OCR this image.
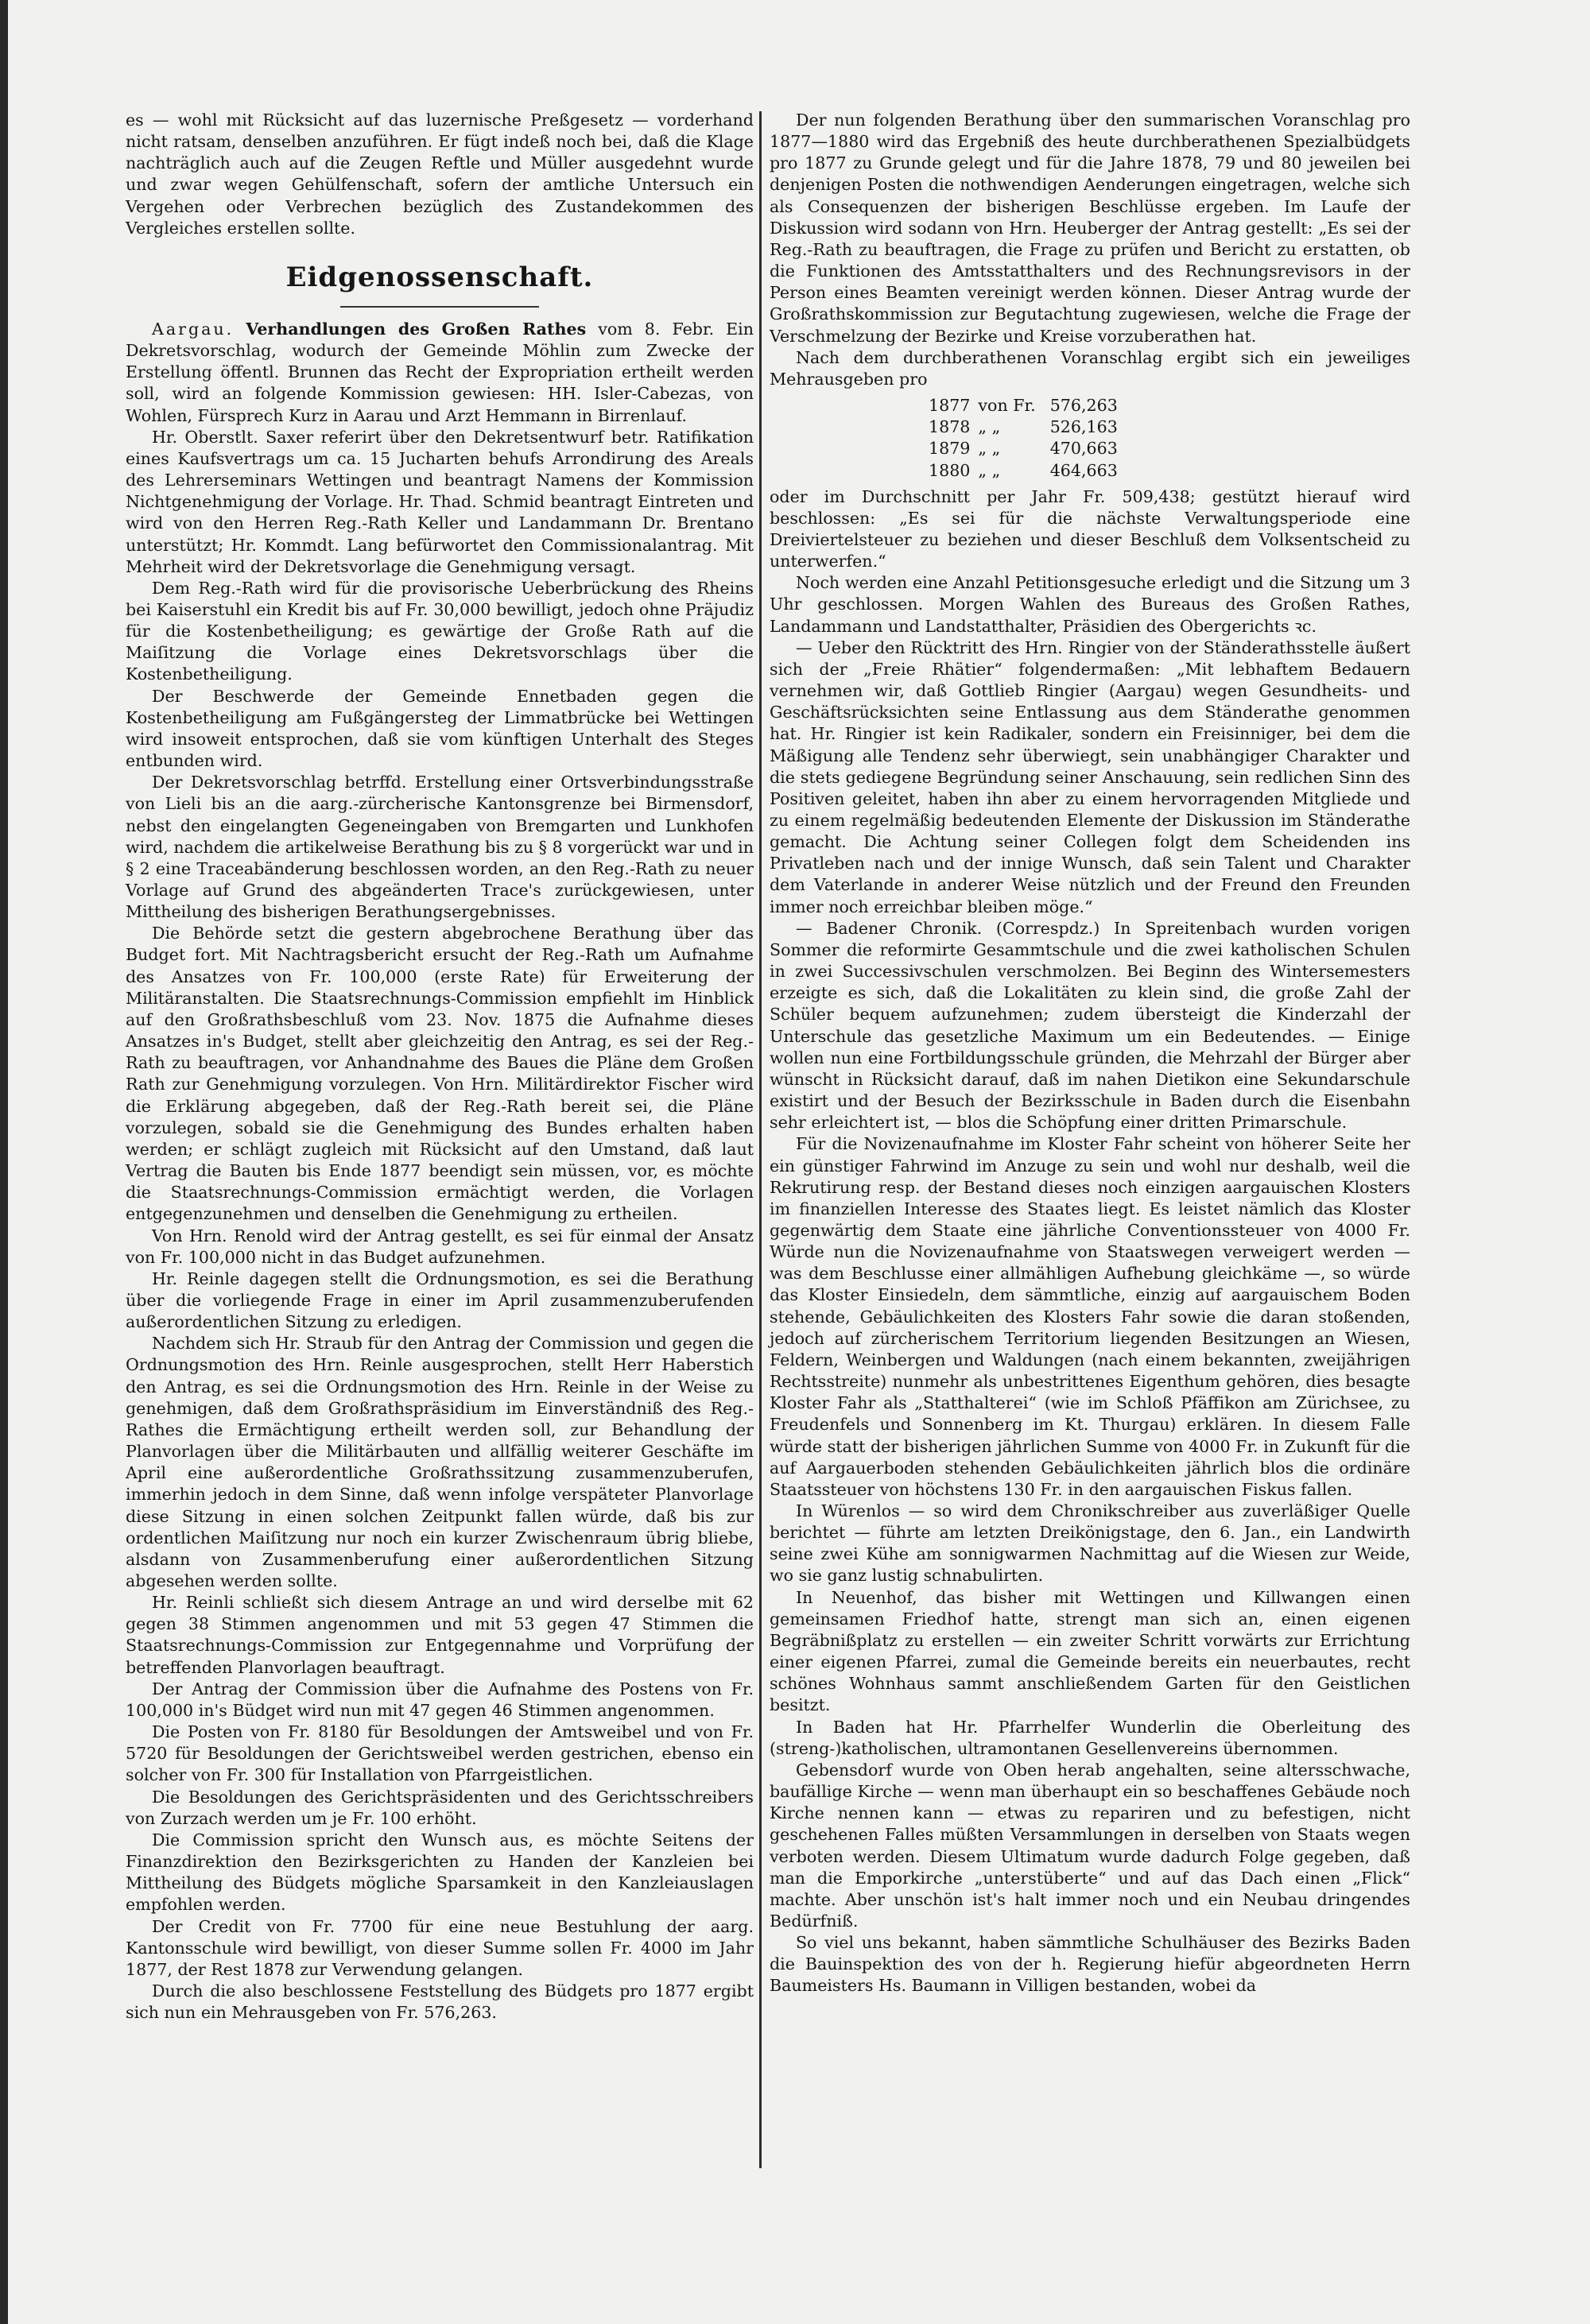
es — wohl mit Rücksicht auf das luzernische Preßgesetz — vorderhand nicht ratsam, denselben anzuführen. Er fügt indeß noch bei, daß die Klage nachträglich auch auf die Zeugen Reftle und Müller ausgedehnt wurde und zwar wegen Gehülfenschaft, sofern der amtliche Untersuch ein Vergehen oder Verbrechen bezüglich des Zustandekommen des Vergleiches erstellen sollte.

Eidgenossenschaft.

Aargau. Verhandlungen des Großen Rathes vom 8. Febr. Ein Dekretsvorschlag, wodurch der Gemeinde Möhlin zum Zwecke der Erstellung öffentl. Brunnen das Recht der Expropriation ertheilt werden soll, wird an folgende Kommission gewiesen: HH. Isler-Cabezas, von Wohlen, Fürsprech Kurz in Aarau und Arzt Hemmann in Birrenlauf.

Hr. Oberstlt. Saxer referirt über den Dekretsentwurf betr. Ratifikation eines Kaufsvertrags um ca. 15 Jucharten behufs Arrondirung des Areals des Lehrerseminars Wettingen und beantragt Namens der Kommission Nichtgenehmigung der Vorlage. Hr. Thad. Schmid beantragt Eintreten und wird von den Herren Reg.-Rath Keller und Landammann Dr. Brentano unterstützt; Hr. Kommdt. Lang befürwortet den Commissionalantrag. Mit Mehrheit wird der Dekretsvorlage die Genehmigung versagt.

Dem Reg.-Rath wird für die provisorische Ueberbrückung des Rheins bei Kaiserstuhl ein Kredit bis auf Fr. 30,000 bewilligt, jedoch ohne Präjudiz für die Kostenbetheiligung; es gewärtige der Große Rath auf die Maiſitzung die Vorlage eines Dekretsvorschlags über die Kostenbetheiligung.

Der Beschwerde der Gemeinde Ennetbaden gegen die Kostenbetheiligung am Fußgängersteg der Limmatbrücke bei Wettingen wird insoweit entsprochen, daß sie vom künftigen Unterhalt des Steges entbunden wird.

Der Dekretsvorschlag betrffd. Erstellung einer Ortsverbindungsstraße von Lieli bis an die aarg.-zürcherische Kantonsgrenze bei Birmensdorf, nebst den eingelangten Gegeneingaben von Bremgarten und Lunkhofen wird, nachdem die artikelweise Berathung bis zu § 8 vorgerückt war und in § 2 eine Traceabänderung beschlossen worden, an den Reg.-Rath zu neuer Vorlage auf Grund des abgeänderten Trace's zurückgewiesen, unter Mittheilung des bisherigen Berathungsergebnisses.

Die Behörde setzt die gestern abgebrochene Berathung über das Budget fort. Mit Nachtragsbericht ersucht der Reg.-Rath um Aufnahme des Ansatzes von Fr. 100,000 (erste Rate) für Erweiterung der Militäranstalten. Die Staatsrechnungs-Commission empfiehlt im Hinblick auf den Großrathsbeschluß vom 23. Nov. 1875 die Aufnahme dieses Ansatzes in's Budget, stellt aber gleichzeitig den Antrag, es sei der Reg.-Rath zu beauftragen, vor Anhandnahme des Baues die Pläne dem Großen Rath zur Genehmigung vorzulegen. Von Hrn. Militärdirektor Fischer wird die Erklärung abgegeben, daß der Reg.-Rath bereit sei, die Pläne vorzulegen, sobald sie die Genehmigung des Bundes erhalten haben werden; er schlägt zugleich mit Rücksicht auf den Umstand, daß laut Vertrag die Bauten bis Ende 1877 beendigt sein müssen, vor, es möchte die Staatsrechnungs-Commission ermächtigt werden, die Vorlagen entgegenzunehmen und denselben die Genehmigung zu ertheilen.

Von Hrn. Renold wird der Antrag gestellt, es sei für einmal der Ansatz von Fr. 100,000 nicht in das Budget aufzunehmen.

Hr. Reinle dagegen stellt die Ordnungsmotion, es sei die Berathung über die vorliegende Frage in einer im April zusammenzuberufenden außerordentlichen Sitzung zu erledigen.

Nachdem sich Hr. Straub für den Antrag der Commission und gegen die Ordnungsmotion des Hrn. Reinle ausgesprochen, stellt Herr Haberstich den Antrag, es sei die Ordnungsmotion des Hrn. Reinle in der Weise zu genehmigen, daß dem Großrathspräsidium im Einverständniß des Reg.-Rathes die Ermächtigung ertheilt werden soll, zur Behandlung der Planvorlagen über die Militärbauten und allfällig weiterer Geschäfte im April eine außerordentliche Großrathssitzung zusammenzuberufen, immerhin jedoch in dem Sinne, daß wenn infolge verspäteter Planvorlage diese Sitzung in einen solchen Zeitpunkt fallen würde, daß bis zur ordentlichen Maiſitzung nur noch ein kurzer Zwischenraum übrig bliebe, alsdann von Zusammenberufung einer außerordentlichen Sitzung abgesehen werden sollte.

Hr. Reinli schließt sich diesem Antrage an und wird derselbe mit 62 gegen 38 Stimmen angenommen und mit 53 gegen 47 Stimmen die Staatsrechnungs-Commission zur Entgegennahme und Vorprüfung der betreffenden Planvorlagen beauftragt.

Der Antrag der Commission über die Aufnahme des Postens von Fr. 100,000 in's Büdget wird nun mit 47 gegen 46 Stimmen angenommen.

Die Posten von Fr. 8180 für Besoldungen der Amtsweibel und von Fr. 5720 für Besoldungen der Gerichtsweibel werden gestrichen, ebenso ein solcher von Fr. 300 für Installation von Pfarrgeistlichen.

Die Besoldungen des Gerichtspräsidenten und des Gerichtsschreibers von Zurzach werden um je Fr. 100 erhöht.

Die Commission spricht den Wunsch aus, es möchte Seitens der Finanzdirektion den Bezirksgerichten zu Handen der Kanzleien bei Mittheilung des Büdgets mögliche Sparsamkeit in den Kanzleiauslagen empfohlen werden.

Der Credit von Fr. 7700 für eine neue Bestuhlung der aarg. Kantonsschule wird bewilligt, von dieser Summe sollen Fr. 4000 im Jahr 1877, der Rest 1878 zur Verwendung gelangen.

Durch die also beschlossene Feststellung des Büdgets pro 1877 ergibt sich nun ein Mehrausgeben von Fr. 576,263.

Der nun folgenden Berathung über den summarischen Voranschlag pro 1877—1880 wird das Ergebniß des heute durchberathenen Spezialbüdgets pro 1877 zu Grunde gelegt und für die Jahre 1878, 79 und 80 jeweilen bei denjenigen Posten die nothwendigen Aenderungen eingetragen, welche sich als Consequenzen der bisherigen Beschlüsse ergeben. Im Laufe der Diskussion wird sodann von Hrn. Heuberger der Antrag gestellt: „Es sei der Reg.-Rath zu beauftragen, die Frage zu prüfen und Bericht zu erstatten, ob die Funktionen des Amtsstatthalters und des Rechnungsrevisors in der Person eines Beamten vereinigt werden können. Dieser Antrag wurde der Großrathskommission zur Begutachtung zugewiesen, welche die Frage der Verschmelzung der Bezirke und Kreise vorzuberathen hat.

Nach dem durchberathenen Voranschlag ergibt sich ein jeweiliges Mehrausgeben pro

1877	von Fr.	576,263
1878	„ „	526,163
1879	„ „	470,663
1880	„ „	464,663

oder im Durchschnitt per Jahr Fr. 509,438; gestützt hierauf wird beschlossen: „Es sei für die nächste Verwaltungsperiode eine Dreiviertelsteuer zu beziehen und dieser Beschluß dem Volksentscheid zu unterwerfen.“

Noch werden eine Anzahl Petitionsgesuche erledigt und die Sitzung um 3 Uhr geschlossen. Morgen Wahlen des Bureaus des Großen Rathes, Landammann und Landstatthalter, Präsidien des Obergerichts ꝛc.

— Ueber den Rücktritt des Hrn. Ringier von der Ständerathsstelle äußert sich der „Freie Rhätier“ folgendermaßen: „Mit lebhaftem Bedauern vernehmen wir, daß Gottlieb Ringier (Aargau) wegen Gesundheits- und Geschäftsrücksichten seine Entlassung aus dem Ständerathe genommen hat. Hr. Ringier ist kein Radikaler, sondern ein Freisinniger, bei dem die Mäßigung alle Tendenz sehr überwiegt, sein unabhängiger Charakter und die stets gediegene Begründung seiner Anschauung, sein redlichen Sinn des Positiven geleitet, haben ihn aber zu einem hervorragenden Mitgliede und zu einem regelmäßig bedeutenden Elemente der Diskussion im Ständerathe gemacht. Die Achtung seiner Collegen folgt dem Scheidenden ins Privatleben nach und der innige Wunsch, daß sein Talent und Charakter dem Vaterlande in anderer Weise nützlich und der Freund den Freunden immer noch erreichbar bleiben möge.“

— Badener Chronik. (Correspdz.) In Spreitenbach wurden vorigen Sommer die reformirte Gesammtschule und die zwei katholischen Schulen in zwei Successivschulen verschmolzen. Bei Beginn des Wintersemesters erzeigte es sich, daß die Lokalitäten zu klein sind, die große Zahl der Schüler bequem aufzunehmen; zudem übersteigt die Kinderzahl der Unterschule das gesetzliche Maximum um ein Bedeutendes. — Einige wollen nun eine Fortbildungsschule gründen, die Mehrzahl der Bürger aber wünscht in Rücksicht darauf, daß im nahen Dietikon eine Sekundarschule existirt und der Besuch der Bezirksschule in Baden durch die Eisenbahn sehr erleichtert ist, — blos die Schöpfung einer dritten Primarschule.

Für die Novizenaufnahme im Kloster Fahr scheint von höherer Seite her ein günstiger Fahrwind im Anzuge zu sein und wohl nur deshalb, weil die Rekrutirung resp. der Bestand dieses noch einzigen aargauischen Klosters im finanziellen Interesse des Staates liegt. Es leistet nämlich das Kloster gegenwärtig dem Staate eine jährliche Conventionssteuer von 4000 Fr. Würde nun die Novizenaufnahme von Staatswegen verweigert werden — was dem Beschlusse einer allmähligen Aufhebung gleichkäme —, so würde das Kloster Einsiedeln, dem sämmtliche, einzig auf aargauischem Boden stehende, Gebäulichkeiten des Klosters Fahr sowie die daran stoßenden, jedoch auf zürcherischem Territorium liegenden Besitzungen an Wiesen, Feldern, Weinbergen und Waldungen (nach einem bekannten, zweijährigen Rechtsstreite) nunmehr als unbestrittenes Eigenthum gehören, dies besagte Kloster Fahr als „Statthalterei“ (wie im Schloß Pfäffikon am Zürichsee, zu Freudenfels und Sonnenberg im Kt. Thurgau) erklären. In diesem Falle würde statt der bisherigen jährlichen Summe von 4000 Fr. in Zukunft für die auf Aargauerboden stehenden Gebäulichkeiten jährlich blos die ordinäre Staatssteuer von höchstens 130 Fr. in den aargauischen Fiskus fallen.

In Würenlos — so wird dem Chronikschreiber aus zuverläßiger Quelle berichtet — führte am letzten Dreikönigstage, den 6. Jan., ein Landwirth seine zwei Kühe am sonnigwarmen Nachmittag auf die Wiesen zur Weide, wo sie ganz lustig schnabulirten.

In Neuenhof, das bisher mit Wettingen und Killwangen einen gemeinsamen Friedhof hatte, strengt man sich an, einen eigenen Begräbnißplatz zu erstellen — ein zweiter Schritt vorwärts zur Errichtung einer eigenen Pfarrei, zumal die Gemeinde bereits ein neuerbautes, recht schönes Wohnhaus sammt anschließendem Garten für den Geistlichen besitzt.

In Baden hat Hr. Pfarrhelfer Wunderlin die Oberleitung des (streng-)katholischen, ultramontanen Gesellenvereins übernommen.

Gebensdorf wurde von Oben herab angehalten, seine altersschwache, baufällige Kirche — wenn man überhaupt ein so beschaffenes Gebäude noch Kirche nennen kann — etwas zu repariren und zu befestigen, nicht geschehenen Falles müßten Versammlungen in derselben von Staats wegen verboten werden. Diesem Ultimatum wurde dadurch Folge gegeben, daß man die Emporkirche „unterstüberte“ und auf das Dach einen „Flick“ machte. Aber unschön ist's halt immer noch und ein Neubau dringendes Bedürfniß.

So viel uns bekannt, haben sämmtliche Schulhäuser des Bezirks Baden die Bauinspektion des von der h. Regierung hiefür abgeordneten Herrn Baumeisters Hs. Baumann in Villigen bestanden, wobei da
